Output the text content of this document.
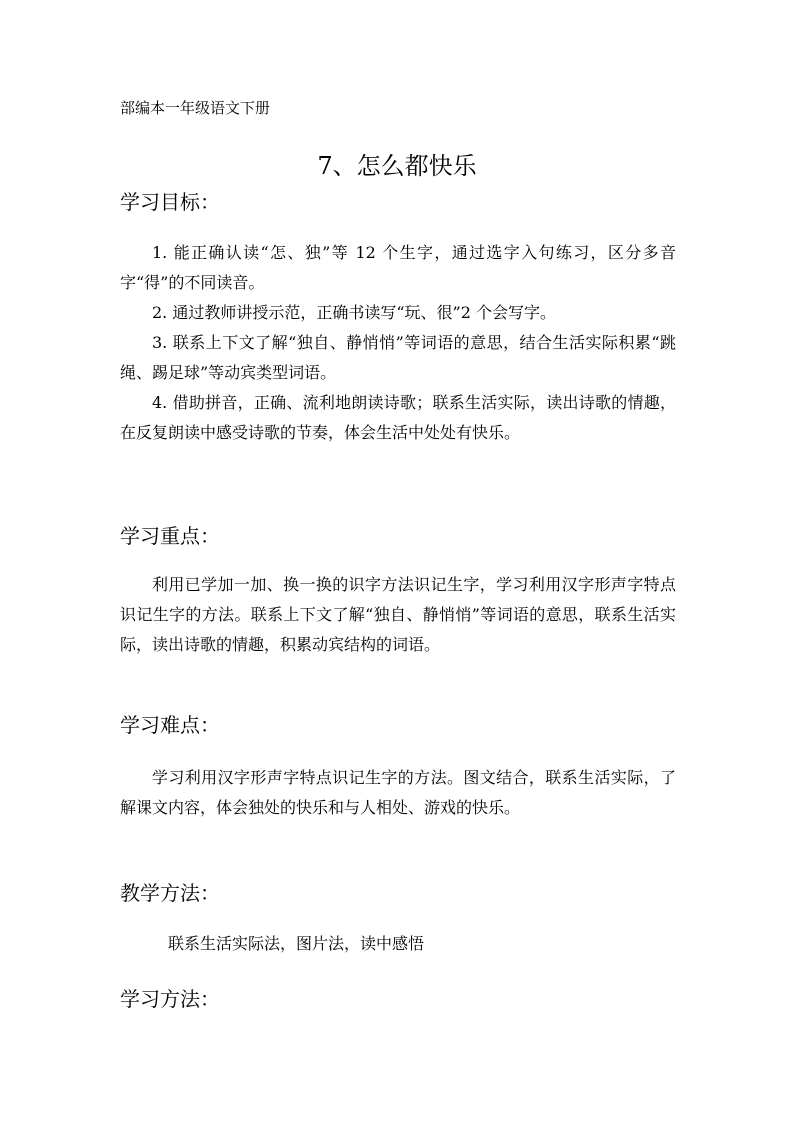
部编本一年级语文下册
7、怎么都快乐
学习目标：

1. 能正确认读“怎、独”等 12 个生字，通过选字入句练习，区分多音字“得”的不同读音。

2. 通过教师讲授示范，正确书读写“玩、很”2 个会写字。

3. 联系上下文了解“独自、静悄悄”等词语的意思，结合生活实际积累“跳绳、踢足球”等动宾类型词语。

4. 借助拼音，正确、流利地朗读诗歌；联系生活实际，读出诗歌的情趣，在反复朗读中感受诗歌的节奏，体会生活中处处有快乐。

学习重点：

利用已学加一加、换一换的识字方法识记生字，学习利用汉字形声字特点识记生字的方法。联系上下文了解“独自、静悄悄”等词语的意思，联系生活实际，读出诗歌的情趣，积累动宾结构的词语。

学习难点：

学习利用汉字形声字特点识记生字的方法。图文结合，联系生活实际，了解课文内容，体会独处的快乐和与人相处、游戏的快乐。

教学方法：
联系生活实际法，图片法，读中感悟
学习方法：
